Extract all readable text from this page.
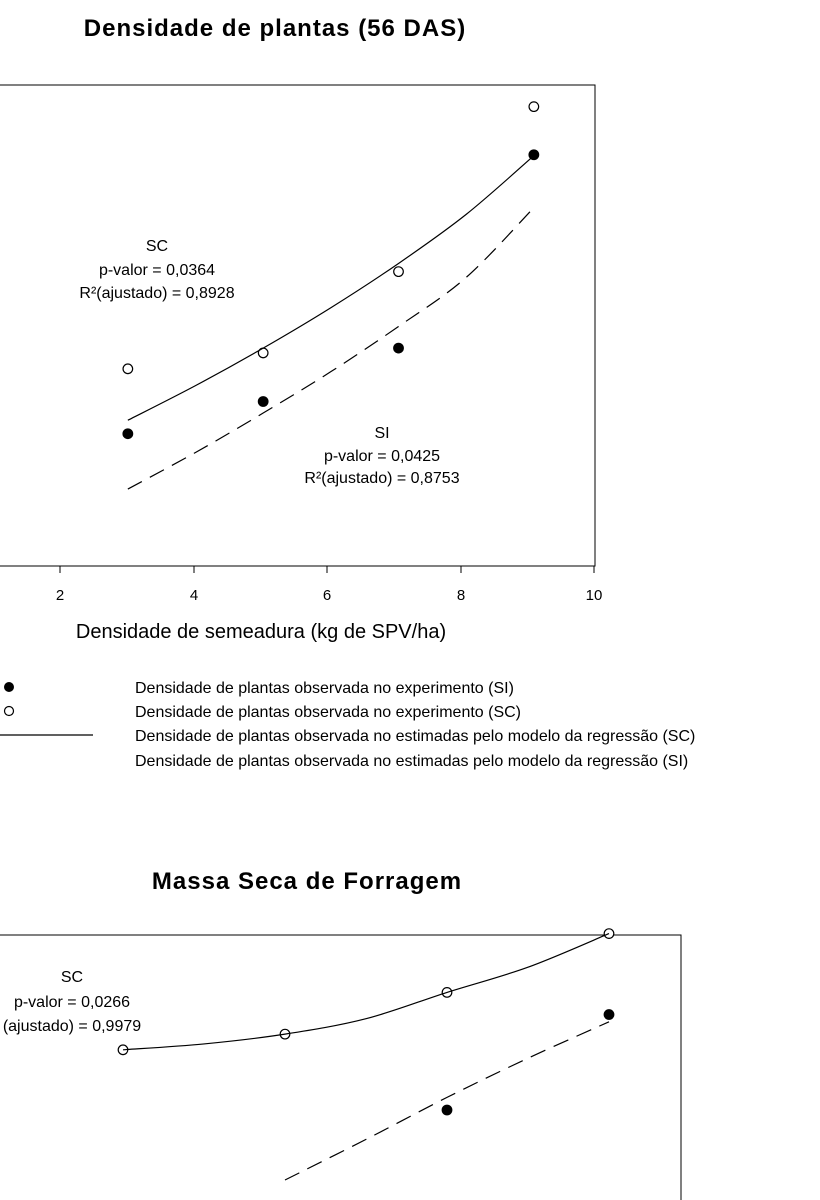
Densidade de plantas (56 DAS)
2	4	6	8	10
Densidade de semeadura (kg de SPV/ha)
SC
p-valor = 0,0364
R²(ajustado) = 0,8928
SI
p-valor = 0,0425
R²(ajustado) = 0,8753
Densidade de plantas observada no experimento (SI)
Densidade de plantas observada no experimento (SC)
Densidade de plantas observada no estimadas pelo modelo da regressão (SC)
Densidade de plantas observada no estimadas pelo modelo da regressão (SI)
Massa Seca de Forragem
SC
p-valor = 0,0266
(ajustado) = 0,9979
